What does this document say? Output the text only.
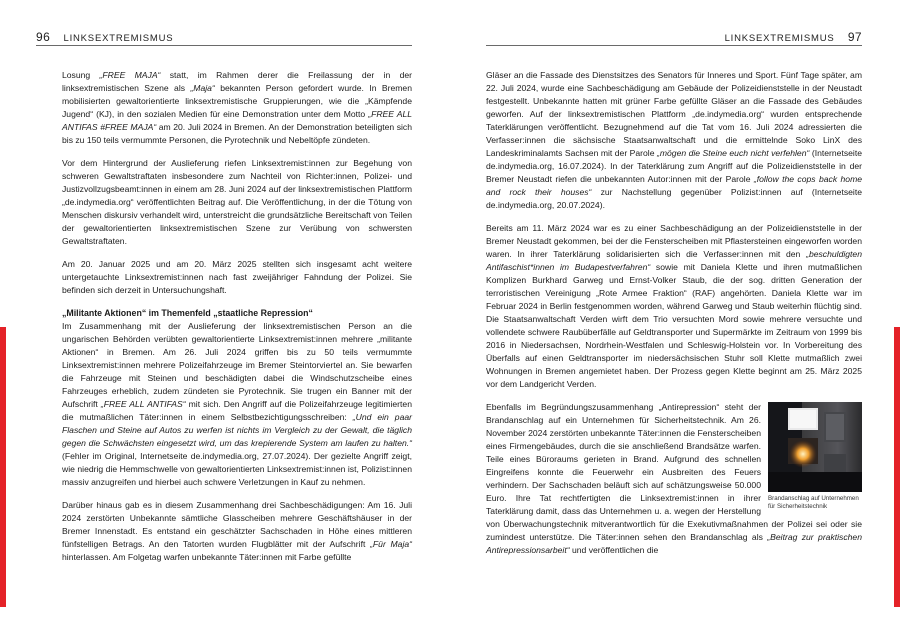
96 LINKSEXTREMISMUS

Losung „FREE MAJA“ statt, im Rahmen derer die Freilassung der in der linksextremistischen Szene als „Maja“ bekannten Person gefordert wurde. In Bremen mobilisierten gewaltorientierte linksextremistische Gruppierungen, wie die „Kämpfende Jugend“ (KJ), in den sozialen Medien für eine Demonstration unter dem Motto „FREE ALL ANTIFAS #FREE MAJA“ am 20. Juli 2024 in Bremen. An der Demonstration beteiligten sich bis zu 150 teils vermummte Personen, die Pyrotechnik und Nebeltöpfe zündeten.

Vor dem Hintergrund der Auslieferung riefen Linksextremist:innen zur Begehung von schweren Gewaltstraftaten insbesondere zum Nachteil von Richter:innen, Polizei- und Justizvollzugsbeamt:innen in einem am 28. Juni 2024 auf der linksextremistischen Plattform „de.indymedia.org“ veröffentlichten Beitrag auf. Die Veröffentlichung, in der die Tötung von Menschen diskursiv verhandelt wird, unterstreicht die grundsätzliche Bereitschaft von Teilen der gewaltorientierten linksextremistischen Szene zur Verübung von schwersten Gewaltstraftaten.

Am 20. Januar 2025 und am 20. März 2025 stellten sich insgesamt acht weitere untergetauchte Linksextremist:innen nach fast zweijähriger Fahndung der Polizei. Sie befinden sich derzeit in Untersuchungshaft.

„Militante Aktionen“ im Themenfeld „staatliche Repression“

Im Zusammenhang mit der Auslieferung der linksextremistischen Person an die ungarischen Behörden verübten gewaltorientierte Linksextremist:innen mehrere „militante Aktionen“ in Bremen. Am 26. Juli 2024 griffen bis zu 50 teils vermummte Linksextremist:innen mehrere Polizeifahrzeuge im Bremer Steintorviertel an. Sie bewarfen die Fahrzeuge mit Steinen und beschädigten dabei die Windschutzscheibe eines Fahrzeuges erheblich, zudem zündeten sie Pyrotechnik. Sie trugen ein Banner mit der Aufschrift „FREE ALL ANTIFAS“ mit sich. Den Angriff auf die Polizeifahrzeuge legitimierten die mutmaßlichen Täter:innen in einem Selbstbezichtigungsschreiben: „Und ein paar Flaschen und Steine auf Autos zu werfen ist nichts im Vergleich zu der Gewalt, die täglich gegen die Schwächsten eingesetzt wird, um das krepierende System am laufen zu halten.“ (Fehler im Original, Internetseite de.indymedia.org, 27.07.2024). Der gezielte Angriff zeigt, wie niedrig die Hemmschwelle von gewaltorientierten Linksextremist:innen ist, Polizist:innen massiv anzugreifen und hierbei auch schwere Verletzungen in Kauf zu nehmen.

Darüber hinaus gab es in diesem Zusammenhang drei Sachbeschädigungen: Am 16. Juli 2024 zerstörten Unbekannte sämtliche Glasscheiben mehrere Geschäftshäuser in der Bremer Innenstadt. Es entstand ein geschätzter Sachschaden in Höhe eines mittleren fünfstelligen Betrags. An den Tatorten wurden Flugblätter mit der Aufschrift „Für Maja“ hinterlassen. Am Folgetag warfen unbekannte Täter:innen mit Farbe gefüllte

LINKSEXTREMISMUS 97

Gläser an die Fassade des Dienstsitzes des Senators für Inneres und Sport. Fünf Tage später, am 22. Juli 2024, wurde eine Sachbeschädigung am Gebäude der Polizeidienststelle in der Neustadt festgestellt. Unbekannte hatten mit grüner Farbe gefüllte Gläser an die Fassade des Gebäudes geworfen. Auf der linksextremistischen Plattform „de.indymedia.org“ wurden entsprechende Taterklärungen veröffentlicht. Bezugnehmend auf die Tat vom 16. Juli 2024 adressierten die Verfasser:innen die sächsische Staatsanwaltschaft und die ermittelnde Soko LinX des Landeskriminalamts Sachsen mit der Parole „mögen die Steine euch nicht verfehlen“ (Internetseite de.indymedia.org, 16.07.2024). In der Taterklärung zum Angriff auf die Polizeidienststelle in der Bremer Neustadt riefen die unbekannten Autor:innen mit der Parole „follow the cops back home and rock their houses“ zur Nachstellung gegenüber Polizist:innen auf (Internetseite de.indymedia.org, 20.07.2024).

Bereits am 11. März 2024 war es zu einer Sachbeschädigung an der Polizeidienststelle in der Bremer Neustadt gekommen, bei der die Fensterscheiben mit Pflastersteinen eingeworfen worden waren. In ihrer Taterklärung solidarisierten sich die Verfasser:innen mit den „beschuldigten Antifaschist*innen im Budapestverfahren“ sowie mit Daniela Klette und ihren mutmaßlichen Komplizen Burkhard Garweg und Ernst-Volker Staub, die der sog. dritten Generation der terroristischen Vereinigung „Rote Armee Fraktion“ (RAF) angehörten. Daniela Klette war im Februar 2024 in Berlin festgenommen worden, während Garweg und Staub weiterhin flüchtig sind. Die Staatsanwaltschaft Verden wirft dem Trio versuchten Mord sowie mehrere versuchte und vollendete schwere Raubüberfälle auf Geldtransporter und Supermärkte im Zeitraum von 1999 bis 2016 in Niedersachsen, Nordrhein-Westfalen und Schleswig-Holstein vor. In Vorbereitung des Überfalls auf einen Geldtransporter im niedersächsischen Stuhr soll Klette mutmaßlich zwei Wohnungen in Bremen angemietet haben. Der Prozess gegen Klette beginnt am 25. März 2025 vor dem Landgericht Verden.

Brandanschlag auf Unternehmen für Sicherheitstechnik

Ebenfalls im Begründungszusammenhang „Antirepression“ steht der Brandanschlag auf ein Unternehmen für Sicherheitstechnik. Am 26. November 2024 zerstörten unbekannte Täter:innen die Fensterscheiben eines Firmengebäudes, durch die sie anschließend Brandsätze warfen. Teile eines Büroraums gerieten in Brand. Aufgrund des schnellen Eingreifens konnte die Feuerwehr ein Ausbreiten des Feuers verhindern. Der Sachschaden beläuft sich auf schätzungsweise 50.000 Euro. Ihre Tat rechtfertigten die Linksextremist:innen in ihrer Taterklärung damit, dass das Unternehmen u. a. wegen der Herstellung von Überwachungstechnik mitverantwortlich für die Exekutivmaßnahmen der Polizei sei oder sie zumindest unterstütze. Die Täter:innen sehen den Brandanschlag als „Beitrag zur praktischen Antirepressionsarbeit“ und veröffentlichen die
